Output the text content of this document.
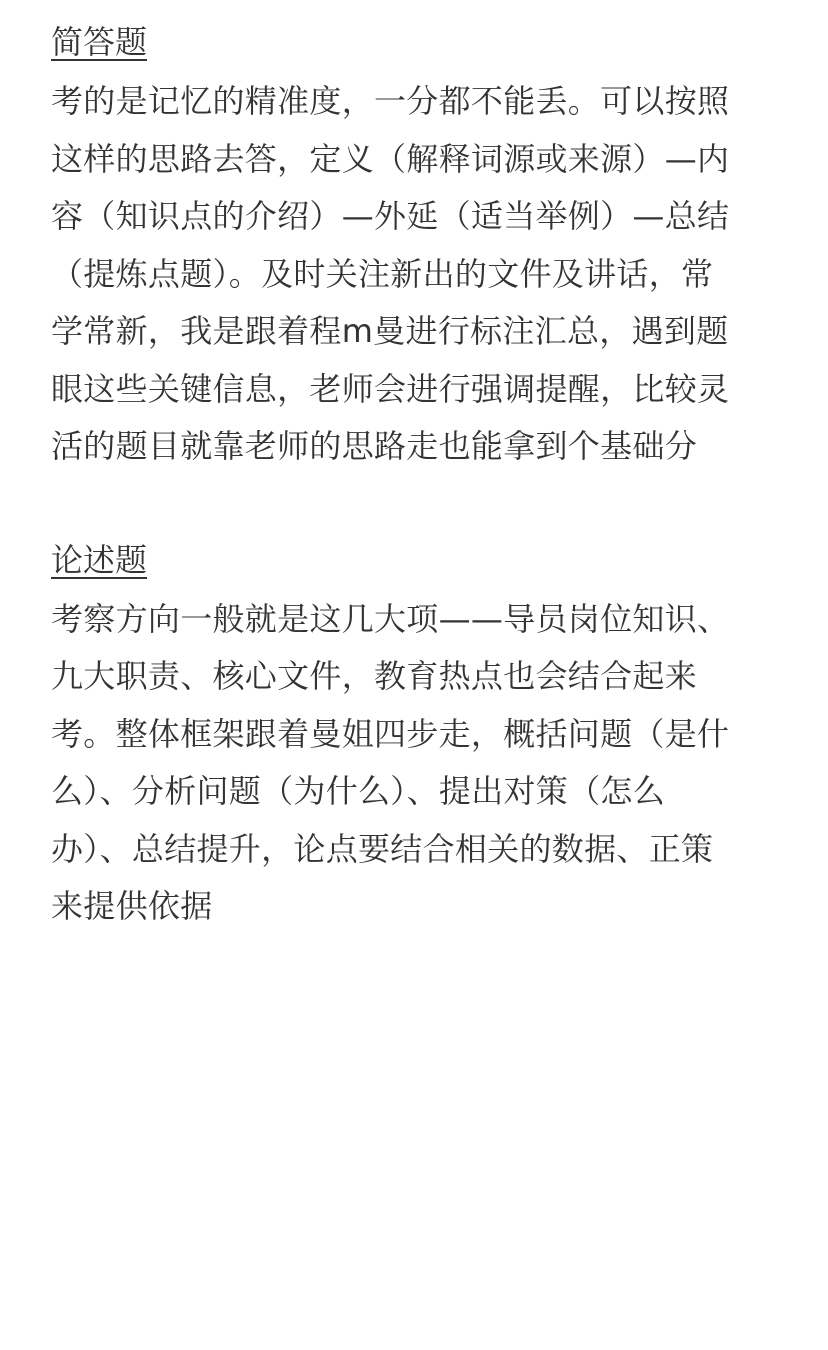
简答题
考的是记忆的精准度，一分都不能丢。可以按照
这样的思路去答，定义（解释词源或来源）—内
容（知识点的介绍）—外延（适当举例）—总结
（提炼点题）。及时关注新出的文件及讲话，常
学常新，我是跟着程m曼进行标注汇总，遇到题
眼这些关键信息，老师会进行强调提醒，比较灵
活的题目就靠老师的思路走也能拿到个基础分
论述题
考察方向一般就是这几大项——导员岗位知识、
九大职责、核心文件，教育热点也会结合起来
考。整体框架跟着曼姐四步走，概括问题（是什
么）、分析问题（为什么）、提出对策（怎么
办）、总结提升，论点要结合相关的数据、正策
来提供依据
